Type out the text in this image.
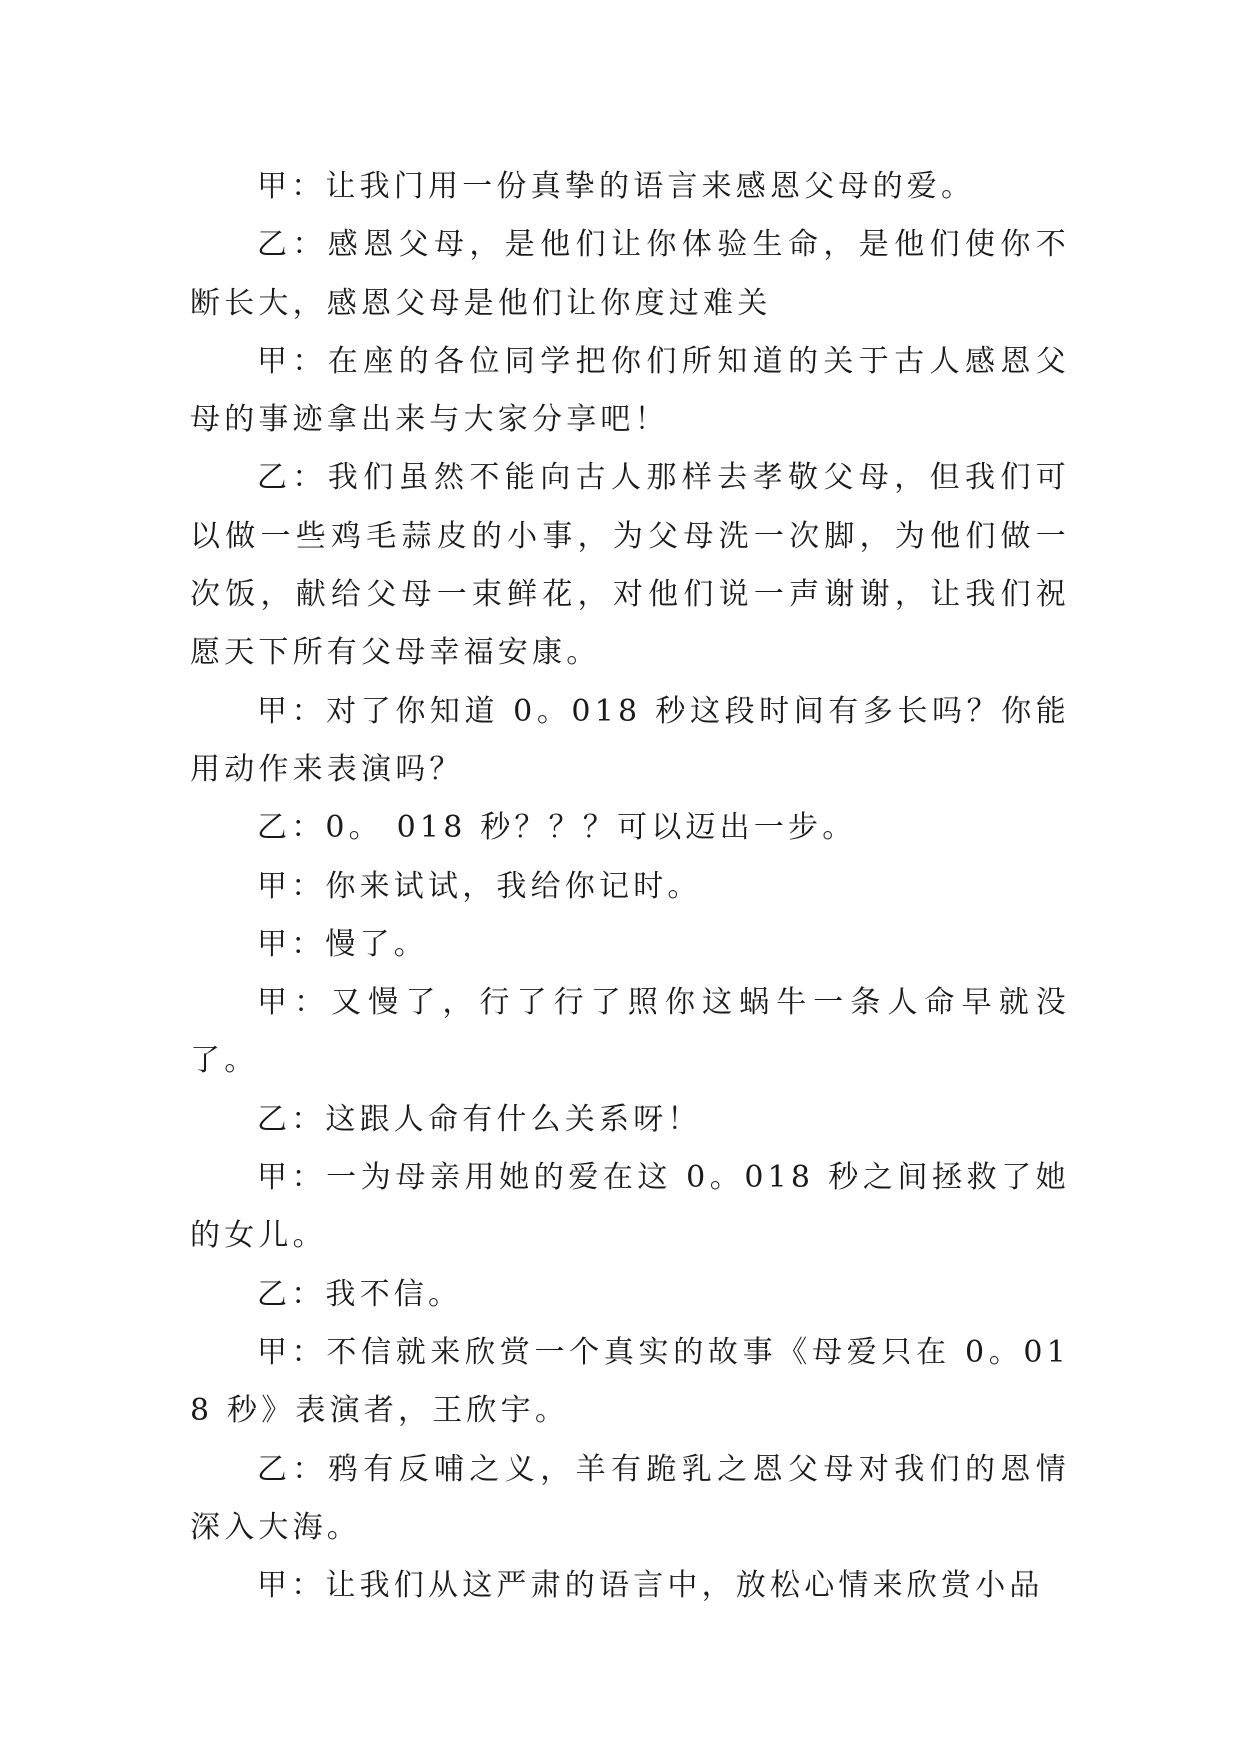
甲：让我门用一份真挚的语言来感恩父母的爱。

乙：感恩父母，是他们让你体验生命，是他们使你不断长大，感恩父母是他们让你度过难关

甲：在座的各位同学把你们所知道的关于古人感恩父母的事迹拿出来与大家分享吧！

乙：我们虽然不能向古人那样去孝敬父母，但我们可以做一些鸡毛蒜皮的小事，为父母洗一次脚，为他们做一次饭，献给父母一束鲜花，对他们说一声谢谢，让我们祝愿天下所有父母幸福安康。

甲：对了你知道 0。018 秒这段时间有多长吗？你能用动作来表演吗？

乙：0。 018 秒？？？可以迈出一步。

甲：你来试试，我给你记时。

甲：慢了。

甲：又慢了，行了行了照你这蜗牛一条人命早就没了。

乙：这跟人命有什么关系呀！

甲：一为母亲用她的爱在这 0。018 秒之间拯救了她的女儿。

乙：我不信。

甲：不信就来欣赏一个真实的故事《母爱只在 0。018 秒》表演者，王欣宇。

乙：鸦有反哺之义，羊有跪乳之恩父母对我们的恩情深入大海。

甲：让我们从这严肃的语言中，放松心情来欣赏小品
